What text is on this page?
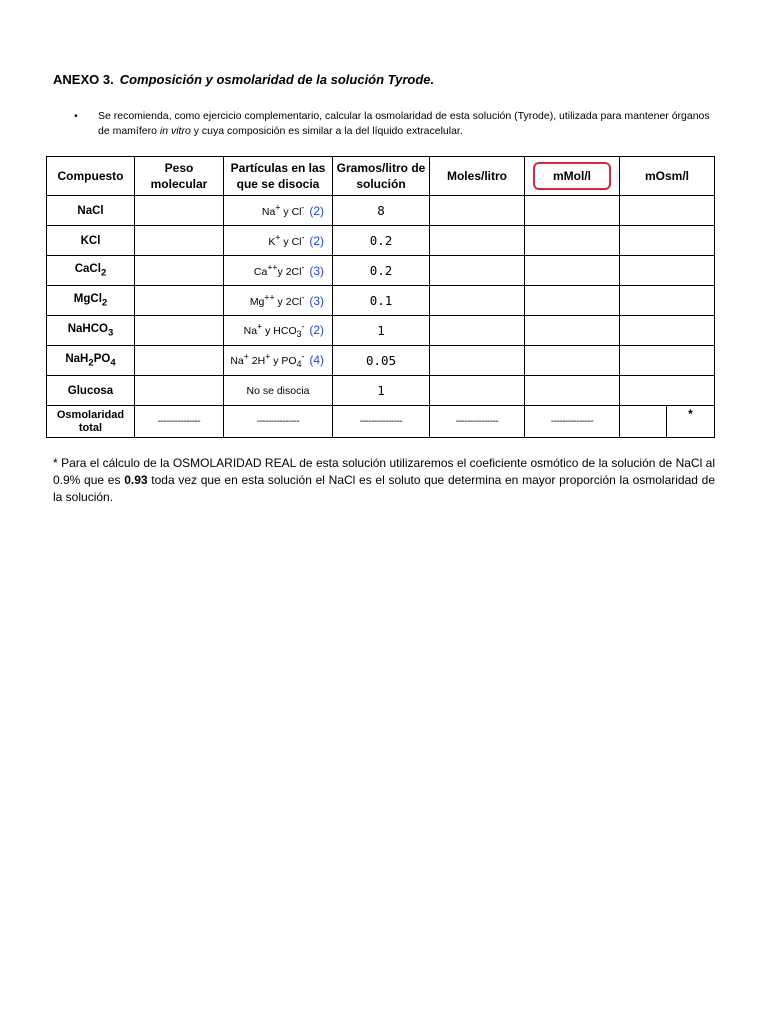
ANEXO 3. Composición y osmolaridad de la solución Tyrode.
• Se recomienda, como ejercicio complementario, calcular la osmolaridad de esta solución (Tyrode), utilizada para mantener órganos de mamífero in vitro y cuya composición es similar a la del líquido extracelular.
Compuesto	Peso molecular	Partículas en las que se disocia	Gramos/litro de solución	Moles/litro	mMol/l	mOsm/l	
NaCl		Na+ y Cl- (2)	8				
KCl		K+ y Cl- (2)	0.2				
CaCl$_2$		Ca++y 2Cl- (3)	0.2				
MgCl$_2$		Mg++ y 2Cl- (3)	0.1				
NaHCO$_3$		Na+ y $HCO_3^-$ (2)	1				
$NaH_2PO_4$		Na+ 2H+ y $PO_4^-$ (4)	0.05				
Glucosa		No se disocia	1				
Osmolaridad total	---------------	---------------	---------------	---------------	---------------		*
* Para el cálculo de la OSMOLARIDAD REAL de esta solución utilizaremos el coeficiente osmótico de la solución de NaCl al 0.9% que es 0.93 toda vez que en esta solución el NaCl es el soluto que determina en mayor proporción la osmolaridad de la solución.
